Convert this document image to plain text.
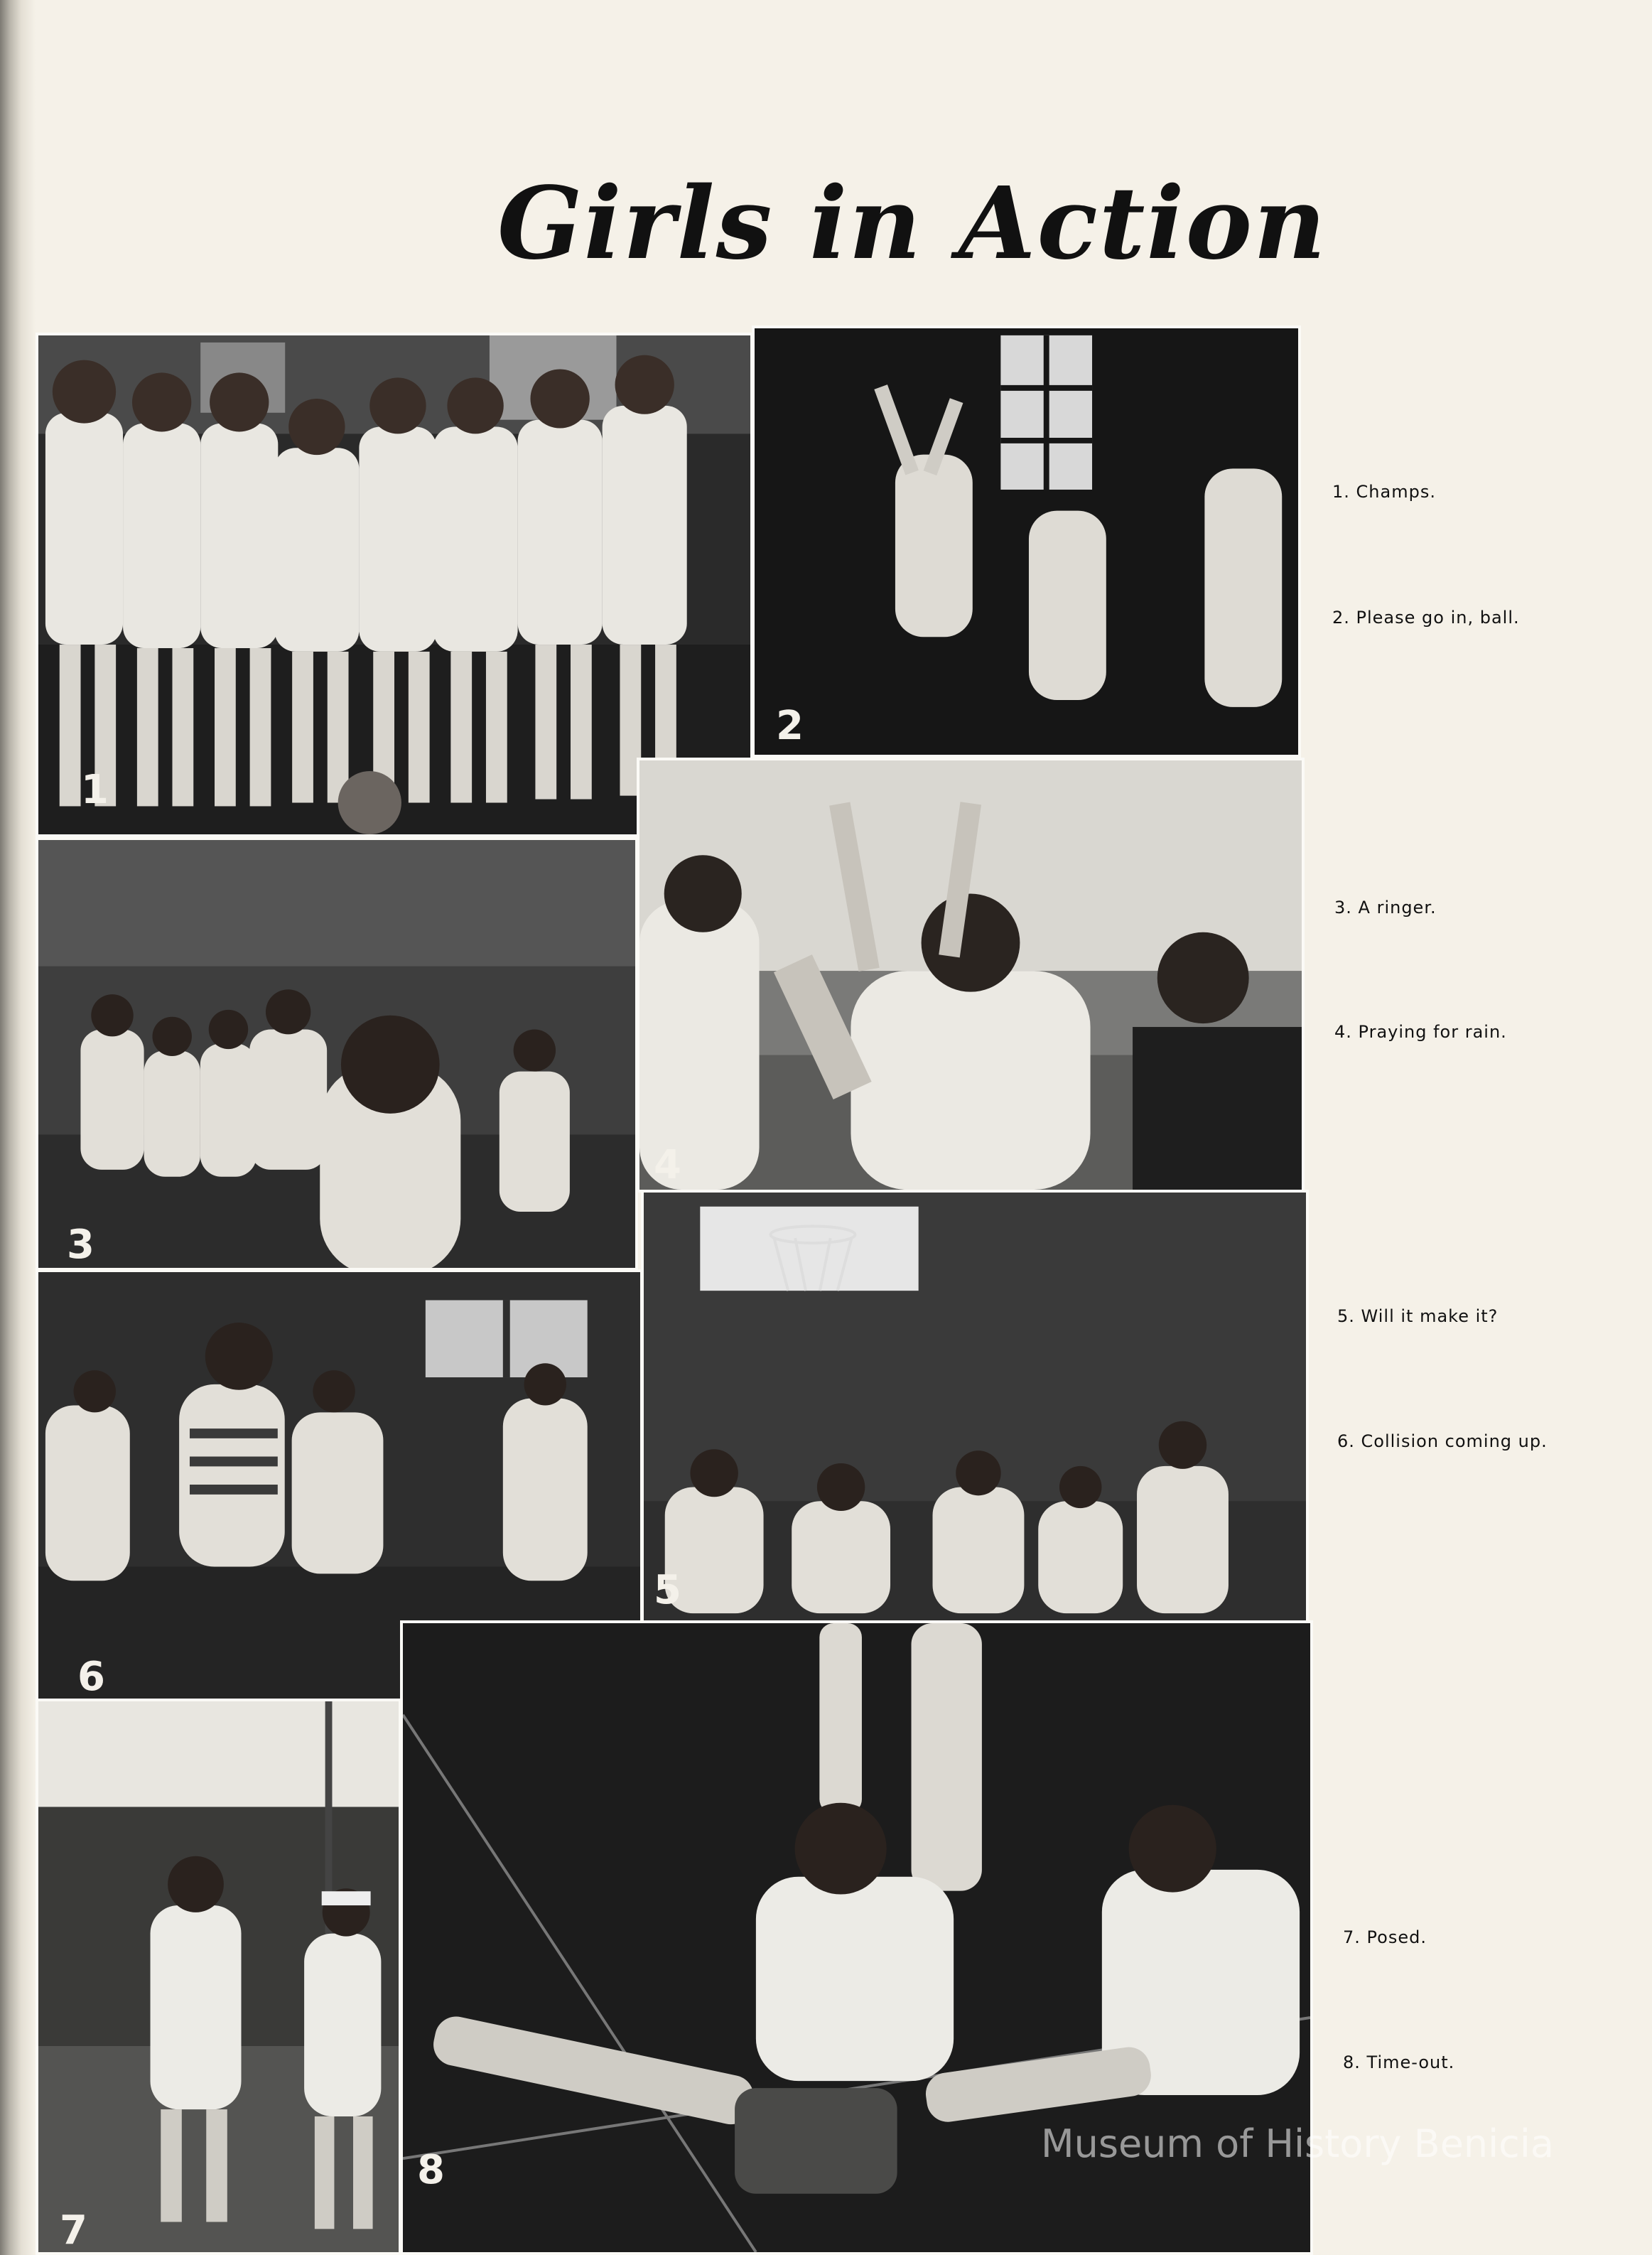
Girls in Action
1
2
3
4
6
5
7
8
1. Champs.
2. Please go in, ball.
3. A ringer.
4. Praying for rain.
5. Will it make it?
6. Collision coming up.
7. Posed.
8. Time-out.
Museum of History Benicia
